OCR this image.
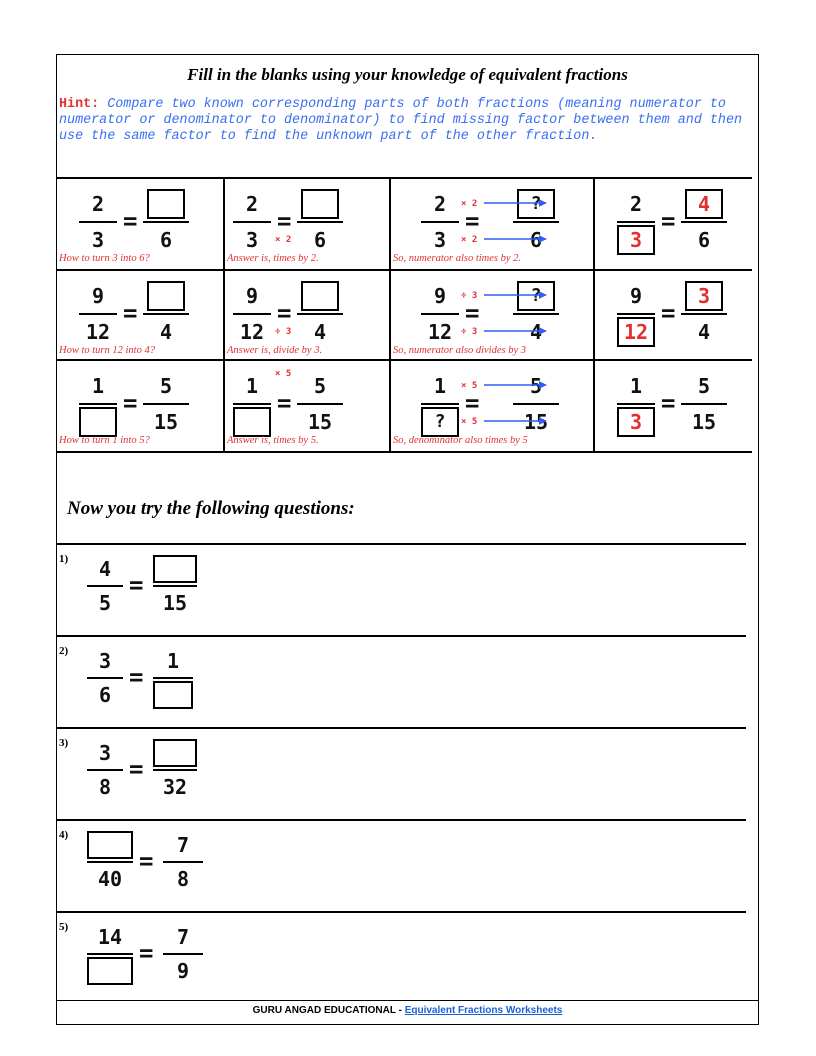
Fill in the blanks using your knowledge of equivalent fractions
Hint: Compare two known corresponding parts of both fractions (meaning numerator to numerator or denominator to denominator) to find missing factor between them and then use the same factor to find the unknown part of the other fraction.
2
3
=
6
How to turn 3 into 6?
2
3
=
6
× 2
Answer is, times by 2.
2
3
=
?
6
× 2
× 2
So, numerator also times by 2.
2
3
=
4
6
9
12
=
4
How to turn 12 into 4?
9
12
=
4
÷ 3
Answer is, divide by 3.
9
12
=
?
4
÷ 3
÷ 3
So, numerator also divides by 3
9
12
=
3
4
1
=
5
15
How to turn 1 into 5?
1
=
5
15
× 5
Answer is, times by 5.
1
?
=
5
15
× 5
× 5
So, denominator also times by 5
1
3
=
5
15
Now you try the following questions:
1)	4
5
=
15
2)	3
6
=
1
3)	3
8
=
32
4)
40
=
7
8
5)	14
=
7
9
GURU ANGAD EDUCATIONAL - Equivalent Fractions Worksheets
